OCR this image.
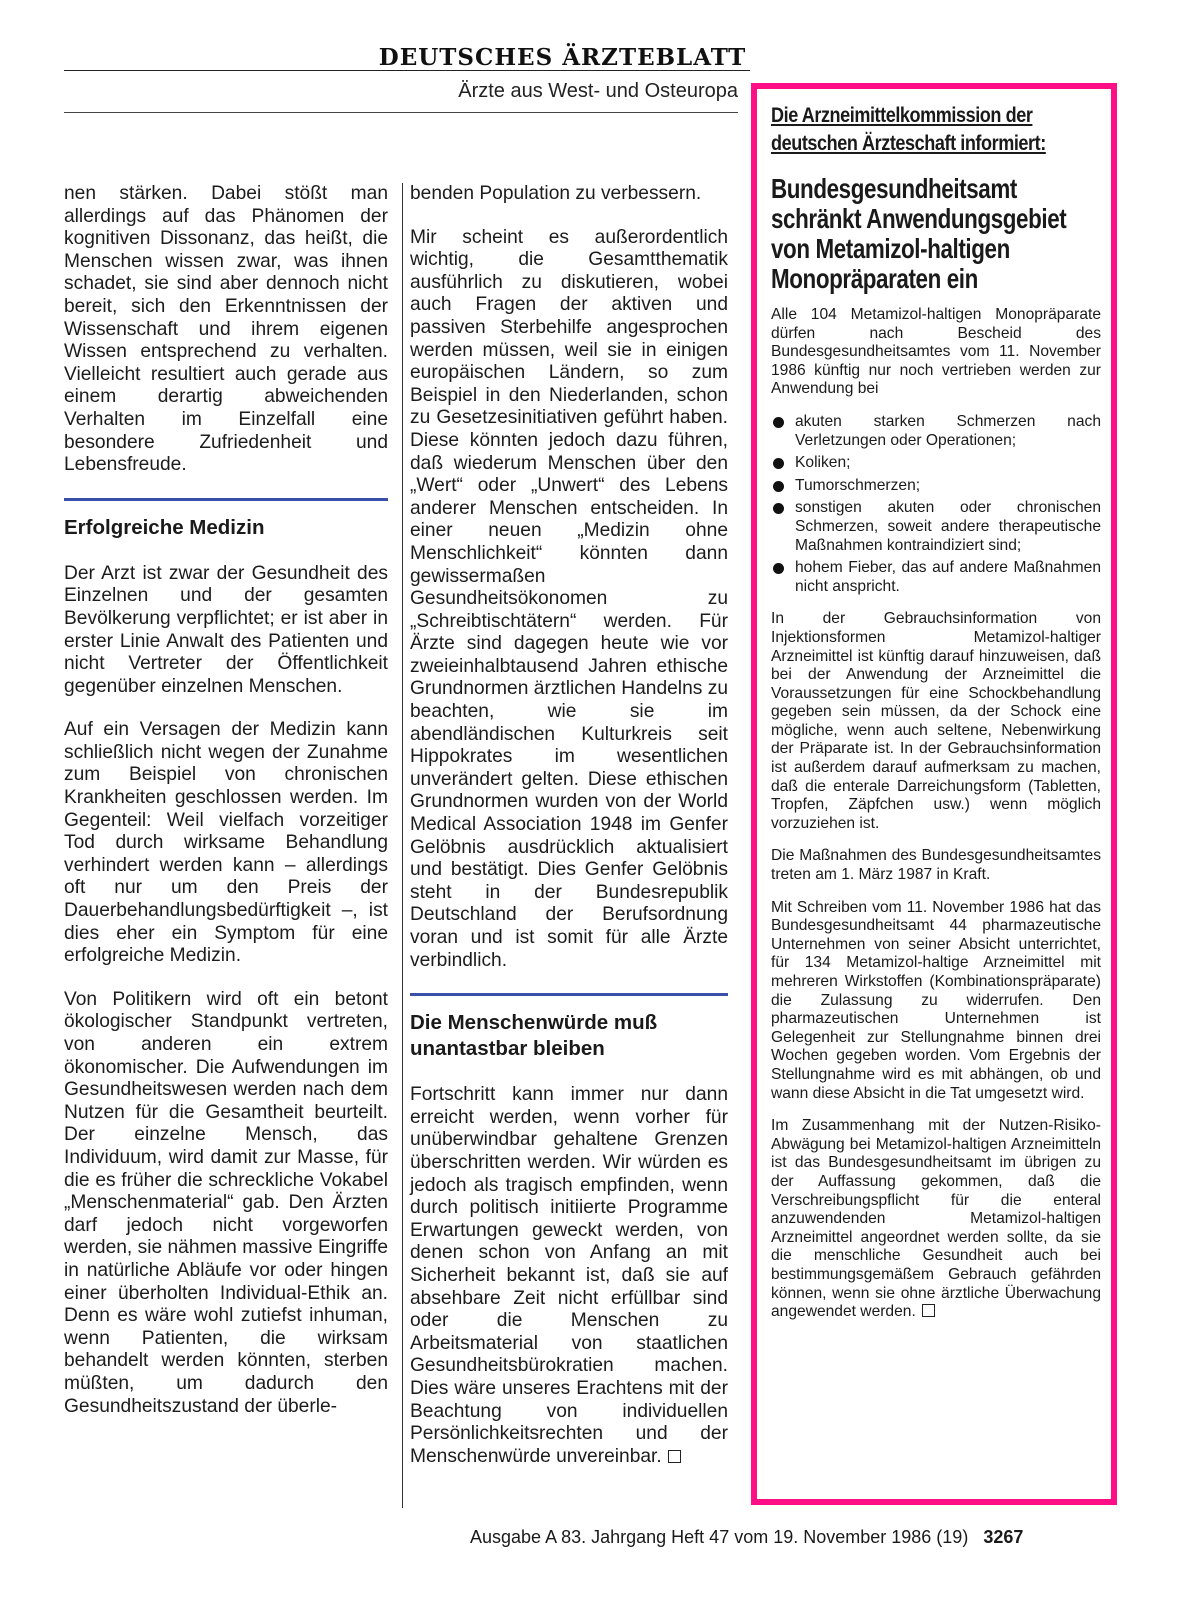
DEUTSCHES ÄRZTEBLATT
Ärzte aus West- und Osteuropa

nen stärken. Dabei stößt man allerdings auf das Phänomen der kognitiven Dissonanz, das heißt, die Menschen wissen zwar, was ihnen schadet, sie sind aber dennoch nicht bereit, sich den Erkenntnissen der Wissenschaft und ihrem eigenen Wissen entsprechend zu verhalten. Vielleicht resultiert auch gerade aus einem derartig abweichenden Verhalten im Einzelfall eine besondere Zufriedenheit und Lebensfreude.

Erfolgreiche Medizin

Der Arzt ist zwar der Gesundheit des Einzelnen und der gesamten Bevölkerung verpflichtet; er ist aber in erster Linie Anwalt des Patienten und nicht Vertreter der Öffentlichkeit gegenüber einzelnen Menschen.

Auf ein Versagen der Medizin kann schließlich nicht wegen der Zunahme zum Beispiel von chronischen Krankheiten geschlossen werden. Im Gegenteil: Weil vielfach vorzeitiger Tod durch wirksame Behandlung verhindert werden kann – allerdings oft nur um den Preis der Dauerbehandlungsbedürftigkeit –, ist dies eher ein Symptom für eine erfolgreiche Medizin.

Von Politikern wird oft ein betont ökologischer Standpunkt vertreten, von anderen ein extrem ökonomischer. Die Aufwendungen im Gesundheitswesen werden nach dem Nutzen für die Gesamtheit beurteilt. Der einzelne Mensch, das Individuum, wird damit zur Masse, für die es früher die schreckliche Vokabel „Menschenmaterial“ gab. Den Ärzten darf jedoch nicht vorgeworfen werden, sie nähmen massive Eingriffe in natürliche Abläufe vor oder hingen einer überholten Individual-Ethik an. Denn es wäre wohl zutiefst inhuman, wenn Patienten, die wirksam behandelt werden könnten, sterben müßten, um dadurch den Gesundheitszustand der überle-

benden Population zu verbessern.

Mir scheint es außerordentlich wichtig, die Gesamtthematik ausführlich zu diskutieren, wobei auch Fragen der aktiven und passiven Sterbehilfe angesprochen werden müssen, weil sie in einigen europäischen Ländern, so zum Beispiel in den Niederlanden, schon zu Gesetzesinitiativen geführt haben. Diese könnten jedoch dazu führen, daß wiederum Menschen über den „Wert“ oder „Unwert“ des Lebens anderer Menschen entscheiden. In einer neuen „Medizin ohne Menschlichkeit“ könnten dann gewissermaßen Gesundheitsökonomen zu „Schreibtischtätern“ werden. Für Ärzte sind dagegen heute wie vor zweieinhalbtausend Jahren ethische Grundnormen ärztlichen Handelns zu beachten, wie sie im abendländischen Kulturkreis seit Hippokrates im wesentlichen unverändert gelten. Diese ethischen Grundnormen wurden von der World Medical Association 1948 im Genfer Gelöbnis ausdrücklich aktualisiert und bestätigt. Dies Genfer Gelöbnis steht in der Bundesrepublik Deutschland der Berufsordnung voran und ist somit für alle Ärzte verbindlich.

Die Menschenwürde muß unantastbar bleiben

Fortschritt kann immer nur dann erreicht werden, wenn vorher für unüberwindbar gehaltene Grenzen überschritten werden. Wir würden es jedoch als tragisch empfinden, wenn durch politisch initiierte Programme Erwartungen geweckt werden, von denen schon von Anfang an mit Sicherheit bekannt ist, daß sie auf absehbare Zeit nicht erfüllbar sind oder die Menschen zu Arbeitsmaterial von staatlichen Gesundheitsbürokratien machen. Dies wäre unseres Erachtens mit der Beachtung von individuellen Persönlichkeitsrechten und der Menschenwürde unvereinbar.

Die Arzneimittelkommission der
deutschen Ärzteschaft informiert:
Bundesgesundheitsamt schränkt Anwendungsgebiet von Metamizol-haltigen Monopräparaten ein

Alle 104 Metamizol-haltigen Monopräparate dürfen nach Bescheid des Bundesgesundheitsamtes vom 11. November 1986 künftig nur noch vertrieben werden zur Anwendung bei

akuten starken Schmerzen nach Verletzungen oder Operationen;
Koliken;
Tumorschmerzen;
sonstigen akuten oder chronischen Schmerzen, soweit andere therapeutische Maßnahmen kontraindiziert sind;
hohem Fieber, das auf andere Maßnahmen nicht anspricht.

In der Gebrauchsinformation von Injektionsformen Metamizol-haltiger Arzneimittel ist künftig darauf hinzuweisen, daß bei der Anwendung der Arzneimittel die Voraussetzungen für eine Schockbehandlung gegeben sein müssen, da der Schock eine mögliche, wenn auch seltene, Nebenwirkung der Präparate ist. In der Gebrauchsinformation ist außerdem darauf aufmerksam zu machen, daß die enterale Darreichungsform (Tabletten, Tropfen, Zäpfchen usw.) wenn möglich vorzuziehen ist.

Die Maßnahmen des Bundesgesundheitsamtes treten am 1. März 1987 in Kraft.

Mit Schreiben vom 11. November 1986 hat das Bundesgesundheitsamt 44 pharmazeutische Unternehmen von seiner Absicht unterrichtet, für 134 Metamizol-haltige Arzneimittel mit mehreren Wirkstoffen (Kombinationspräparate) die Zulassung zu widerrufen. Den pharmazeutischen Unternehmen ist Gelegenheit zur Stellungnahme binnen drei Wochen gegeben worden. Vom Ergebnis der Stellungnahme wird es mit abhängen, ob und wann diese Absicht in die Tat umgesetzt wird.

Im Zusammenhang mit der Nutzen-Risiko-Abwägung bei Metamizol-haltigen Arzneimitteln ist das Bundesgesundheitsamt im übrigen zu der Auffassung gekommen, daß die Verschreibungspflicht für die enteral anzuwendenden Metamizol-haltigen Arzneimittel angeordnet werden sollte, da sie die menschliche Gesundheit auch bei bestimmungsgemäßem Gebrauch gefährden können, wenn sie ohne ärztliche Überwachung angewendet werden.

Ausgabe A 83. Jahrgang Heft 47 vom 19. November 1986 (19) 3267
